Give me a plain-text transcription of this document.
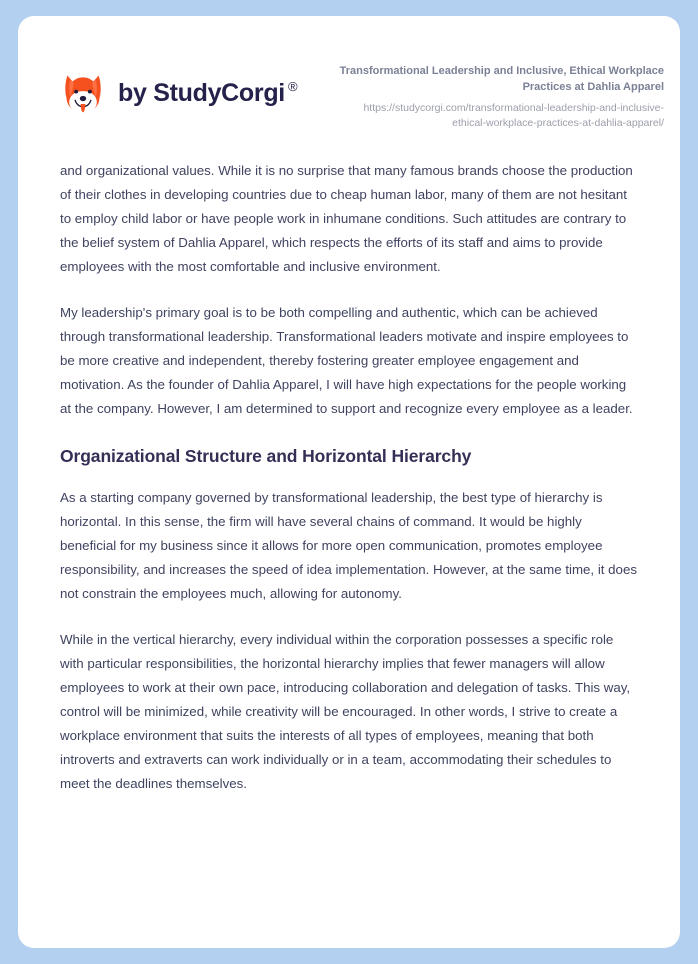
by StudyCorgi ®

Transformational Leadership and Inclusive, Ethical Workplace Practices at Dahlia Apparel

https://studycorgi.com/transformational-leadership-and-inclusive-ethical-workplace-practices-at-dahlia-apparel/

and organizational values. While it is no surprise that many famous brands choose the production of their clothes in developing countries due to cheap human labor, many of them are not hesitant to employ child labor or have people work in inhumane conditions. Such attitudes are contrary to the belief system of Dahlia Apparel, which respects the efforts of its staff and aims to provide employees with the most comfortable and inclusive environment.

My leadership's primary goal is to be both compelling and authentic, which can be achieved through transformational leadership. Transformational leaders motivate and inspire employees to be more creative and independent, thereby fostering greater employee engagement and motivation. As the founder of Dahlia Apparel, I will have high expectations for the people working at the company. However, I am determined to support and recognize every employee as a leader.

Organizational Structure and Horizontal Hierarchy

As a starting company governed by transformational leadership, the best type of hierarchy is horizontal. In this sense, the firm will have several chains of command. It would be highly beneficial for my business since it allows for more open communication, promotes employee responsibility, and increases the speed of idea implementation. However, at the same time, it does not constrain the employees much, allowing for autonomy.

While in the vertical hierarchy, every individual within the corporation possesses a specific role with particular responsibilities, the horizontal hierarchy implies that fewer managers will allow employees to work at their own pace, introducing collaboration and delegation of tasks. This way, control will be minimized, while creativity will be encouraged. In other words, I strive to create a workplace environment that suits the interests of all types of employees, meaning that both introverts and extraverts can work individually or in a team, accommodating their schedules to meet the deadlines themselves.
